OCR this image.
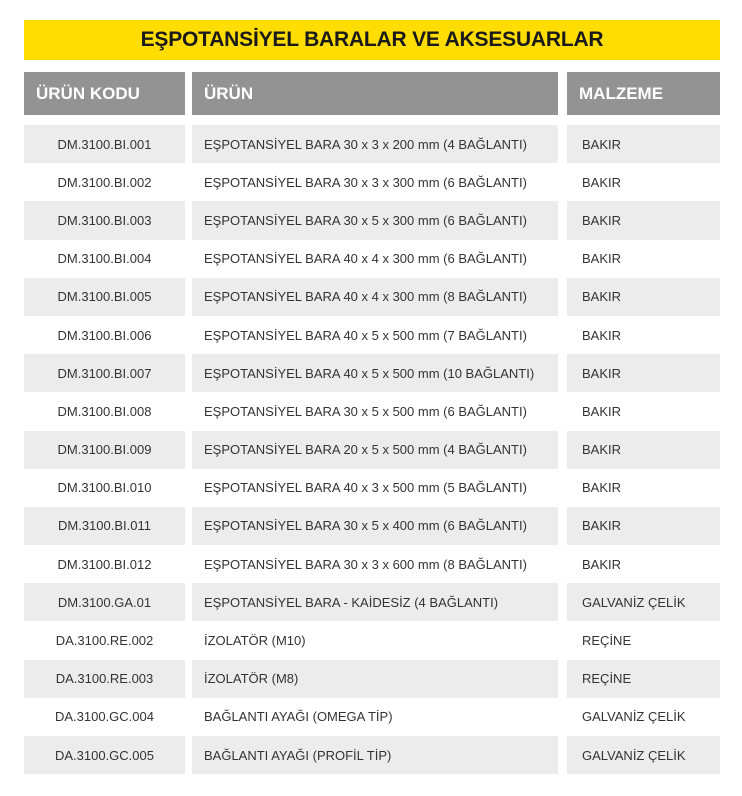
EŞPOTANSİYEL BARALAR VE AKSESUARLAR
ÜRÜN KODU	ÜRÜN	MALZEME
DM.3100.BI.001	EŞPOTANSİYEL BARA 30 x 3 x 200 mm (4 BAĞLANTI)	BAKIR
DM.3100.BI.002	EŞPOTANSİYEL BARA 30 x 3 x 300 mm (6 BAĞLANTI)	BAKIR
DM.3100.BI.003	EŞPOTANSİYEL BARA 30 x 5 x 300 mm (6 BAĞLANTI)	BAKIR
DM.3100.BI.004	EŞPOTANSİYEL BARA 40 x 4 x 300 mm (6 BAĞLANTI)	BAKIR
DM.3100.BI.005	EŞPOTANSİYEL BARA 40 x 4 x 300 mm (8 BAĞLANTI)	BAKIR
DM.3100.BI.006	EŞPOTANSİYEL BARA 40 x 5 x 500 mm (7 BAĞLANTI)	BAKIR
DM.3100.BI.007	EŞPOTANSİYEL BARA 40 x 5 x 500 mm (10 BAĞLANTI)	BAKIR
DM.3100.BI.008	EŞPOTANSİYEL BARA 30 x 5 x 500 mm (6 BAĞLANTI)	BAKIR
DM.3100.BI.009	EŞPOTANSİYEL BARA 20 x 5 x 500 mm (4 BAĞLANTI)	BAKIR
DM.3100.BI.010	EŞPOTANSİYEL BARA 40 x 3 x 500 mm (5 BAĞLANTI)	BAKIR
DM.3100.BI.011	EŞPOTANSİYEL BARA 30 x 5 x 400 mm (6 BAĞLANTI)	BAKIR
DM.3100.BI.012	EŞPOTANSİYEL BARA 30 x 3 x 600 mm (8 BAĞLANTI)	BAKIR
DM.3100.GA.01	EŞPOTANSİYEL BARA - KAİDESİZ (4 BAĞLANTI)	GALVANİZ ÇELİK
DA.3100.RE.002	İZOLATÖR (M10)	REÇİNE
DA.3100.RE.003	İZOLATÖR (M8)	REÇİNE
DA.3100.GC.004	BAĞLANTI AYAĞI (OMEGA TİP)	GALVANİZ ÇELİK
DA.3100.GC.005	BAĞLANTI AYAĞI (PROFİL TİP)	GALVANİZ ÇELİK
